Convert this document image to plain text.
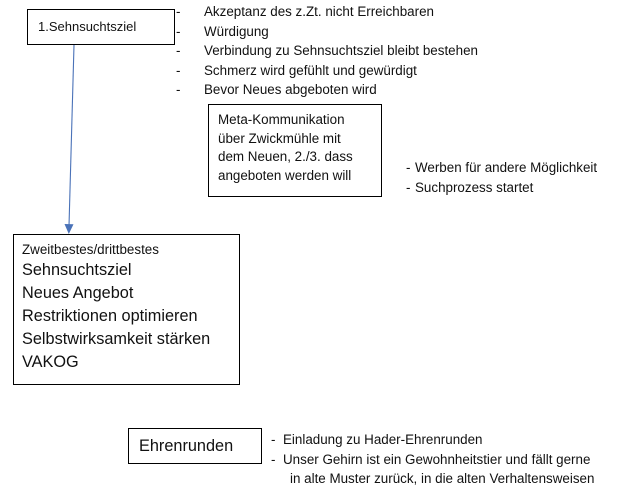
1.Sehnsuchtsziel
- Akzeptanz des z.Zt. nicht Erreichbaren
- Würdigung
- Verbindung zu Sehnsuchtsziel bleibt bestehen
- Schmerz wird gefühlt und gewürdigt
- Bevor Neues abgeboten wird
Meta-Kommunikation
über Zwickmühle mit
dem Neuen, 2./3. dass
angeboten werden will	- Werben für andere Möglichkeit
- Suchprozess startet
Zweitbestes/drittbestes
Sehnsuchtsziel
Neues Angebot
Restriktionen optimieren
Selbstwirksamkeit stärken
VAKOG
Ehrenrunden	- Einladung zu Hader-Ehrenrunden
- Unser Gehirn ist ein Gewohnheitstier und fällt gerne
in alte Muster zurück, in die alten Verhaltensweisen
